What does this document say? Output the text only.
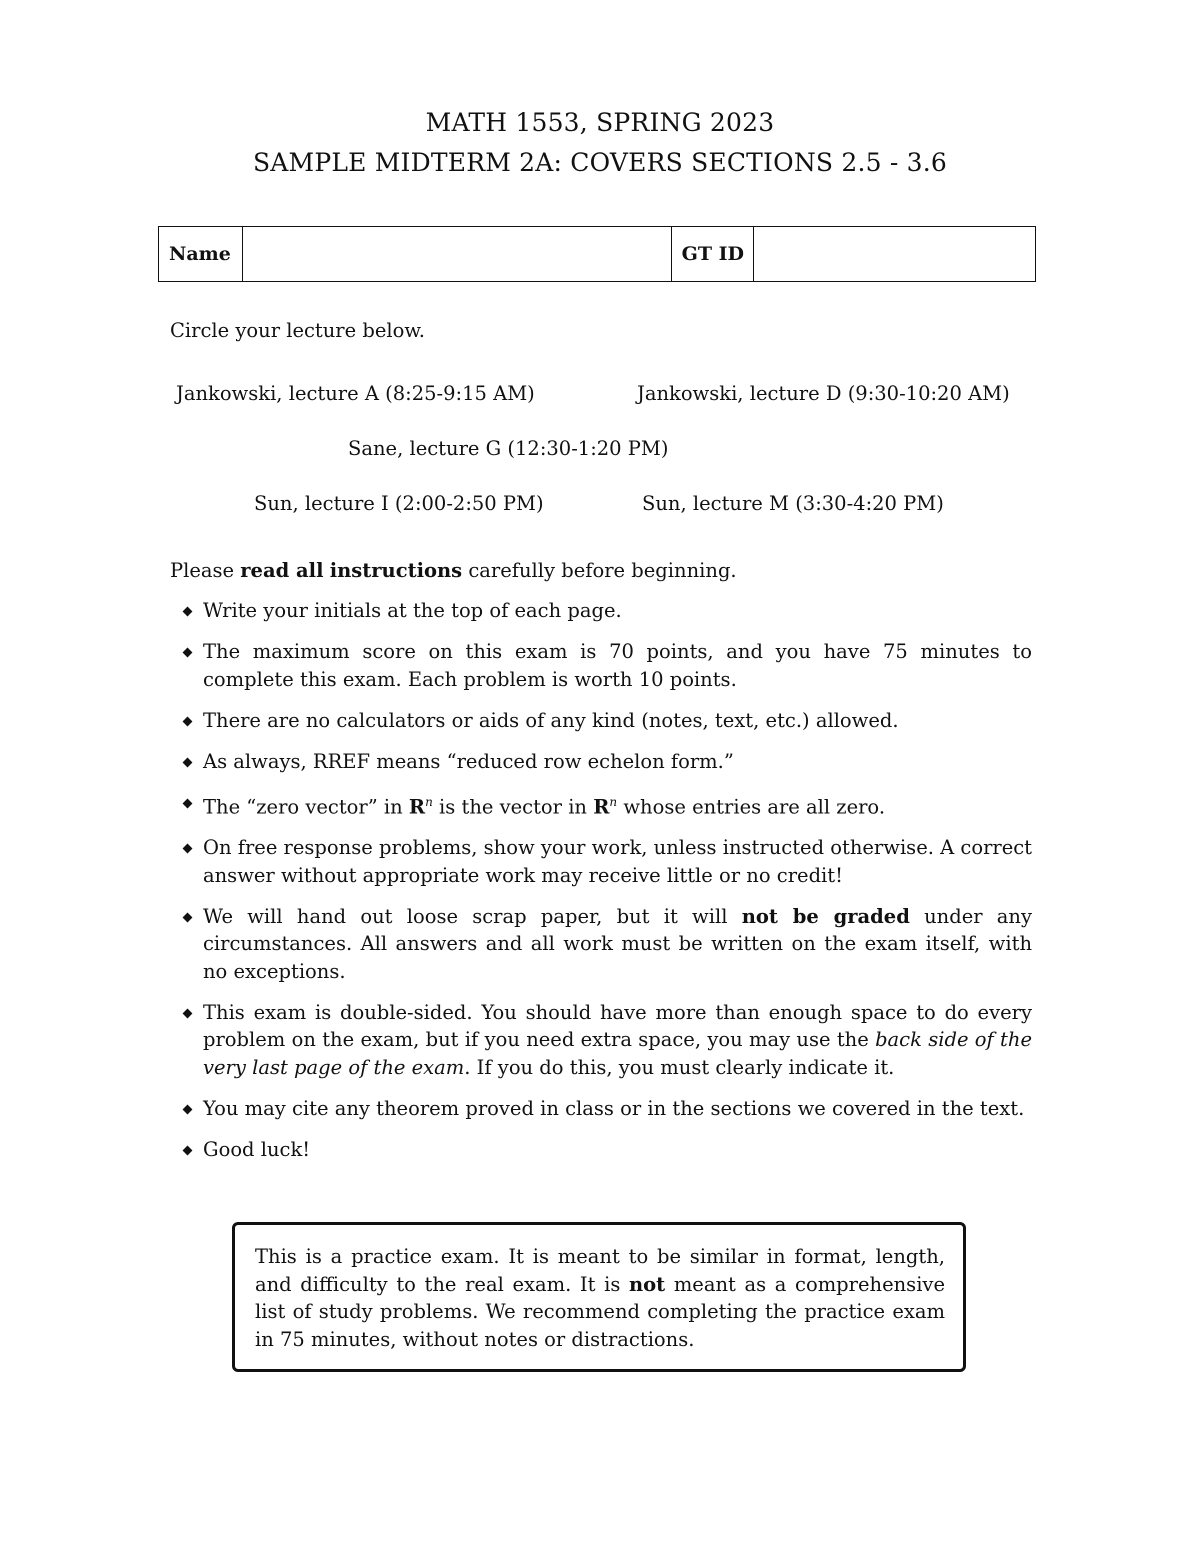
MATH 1553, SPRING 2023
SAMPLE MIDTERM 2A: COVERS SECTIONS 2.5 - 3.6
Name		GT ID	
Circle your lecture below.
Jankowski, lecture A (8:25-9:15 AM)	Jankowski, lecture D (9:30-10:20 AM)
Sane, lecture G (12:30-1:20 PM)
Sun, lecture I (2:00-2:50 PM)	Sun, lecture M (3:30-4:20 PM)
Please read all instructions carefully before beginning.
Write your initials at the top of each page.
The maximum score on this exam is 70 points, and you have 75 minutes to complete this exam. Each problem is worth 10 points.
There are no calculators or aids of any kind (notes, text, etc.) allowed.
As always, RREF means “reduced row echelon form.”
The “zero vector” in $R^n$ is the vector in $R^n$ whose entries are all zero.
On free response problems, show your work, unless instructed otherwise. A correct answer without appropriate work may receive little or no credit!
We will hand out loose scrap paper, but it will not be graded under any circumstances. All answers and all work must be written on the exam itself, with no exceptions.
This exam is double-sided. You should have more than enough space to do every problem on the exam, but if you need extra space, you may use the back side of the very last page of the exam. If you do this, you must clearly indicate it.
You may cite any theorem proved in class or in the sections we covered in the text.
Good luck!
This is a practice exam. It is meant to be similar in format, length, and difficulty to the real exam. It is not meant as a comprehensive list of study problems. We recommend completing the practice exam in 75 minutes, without notes or distractions.
